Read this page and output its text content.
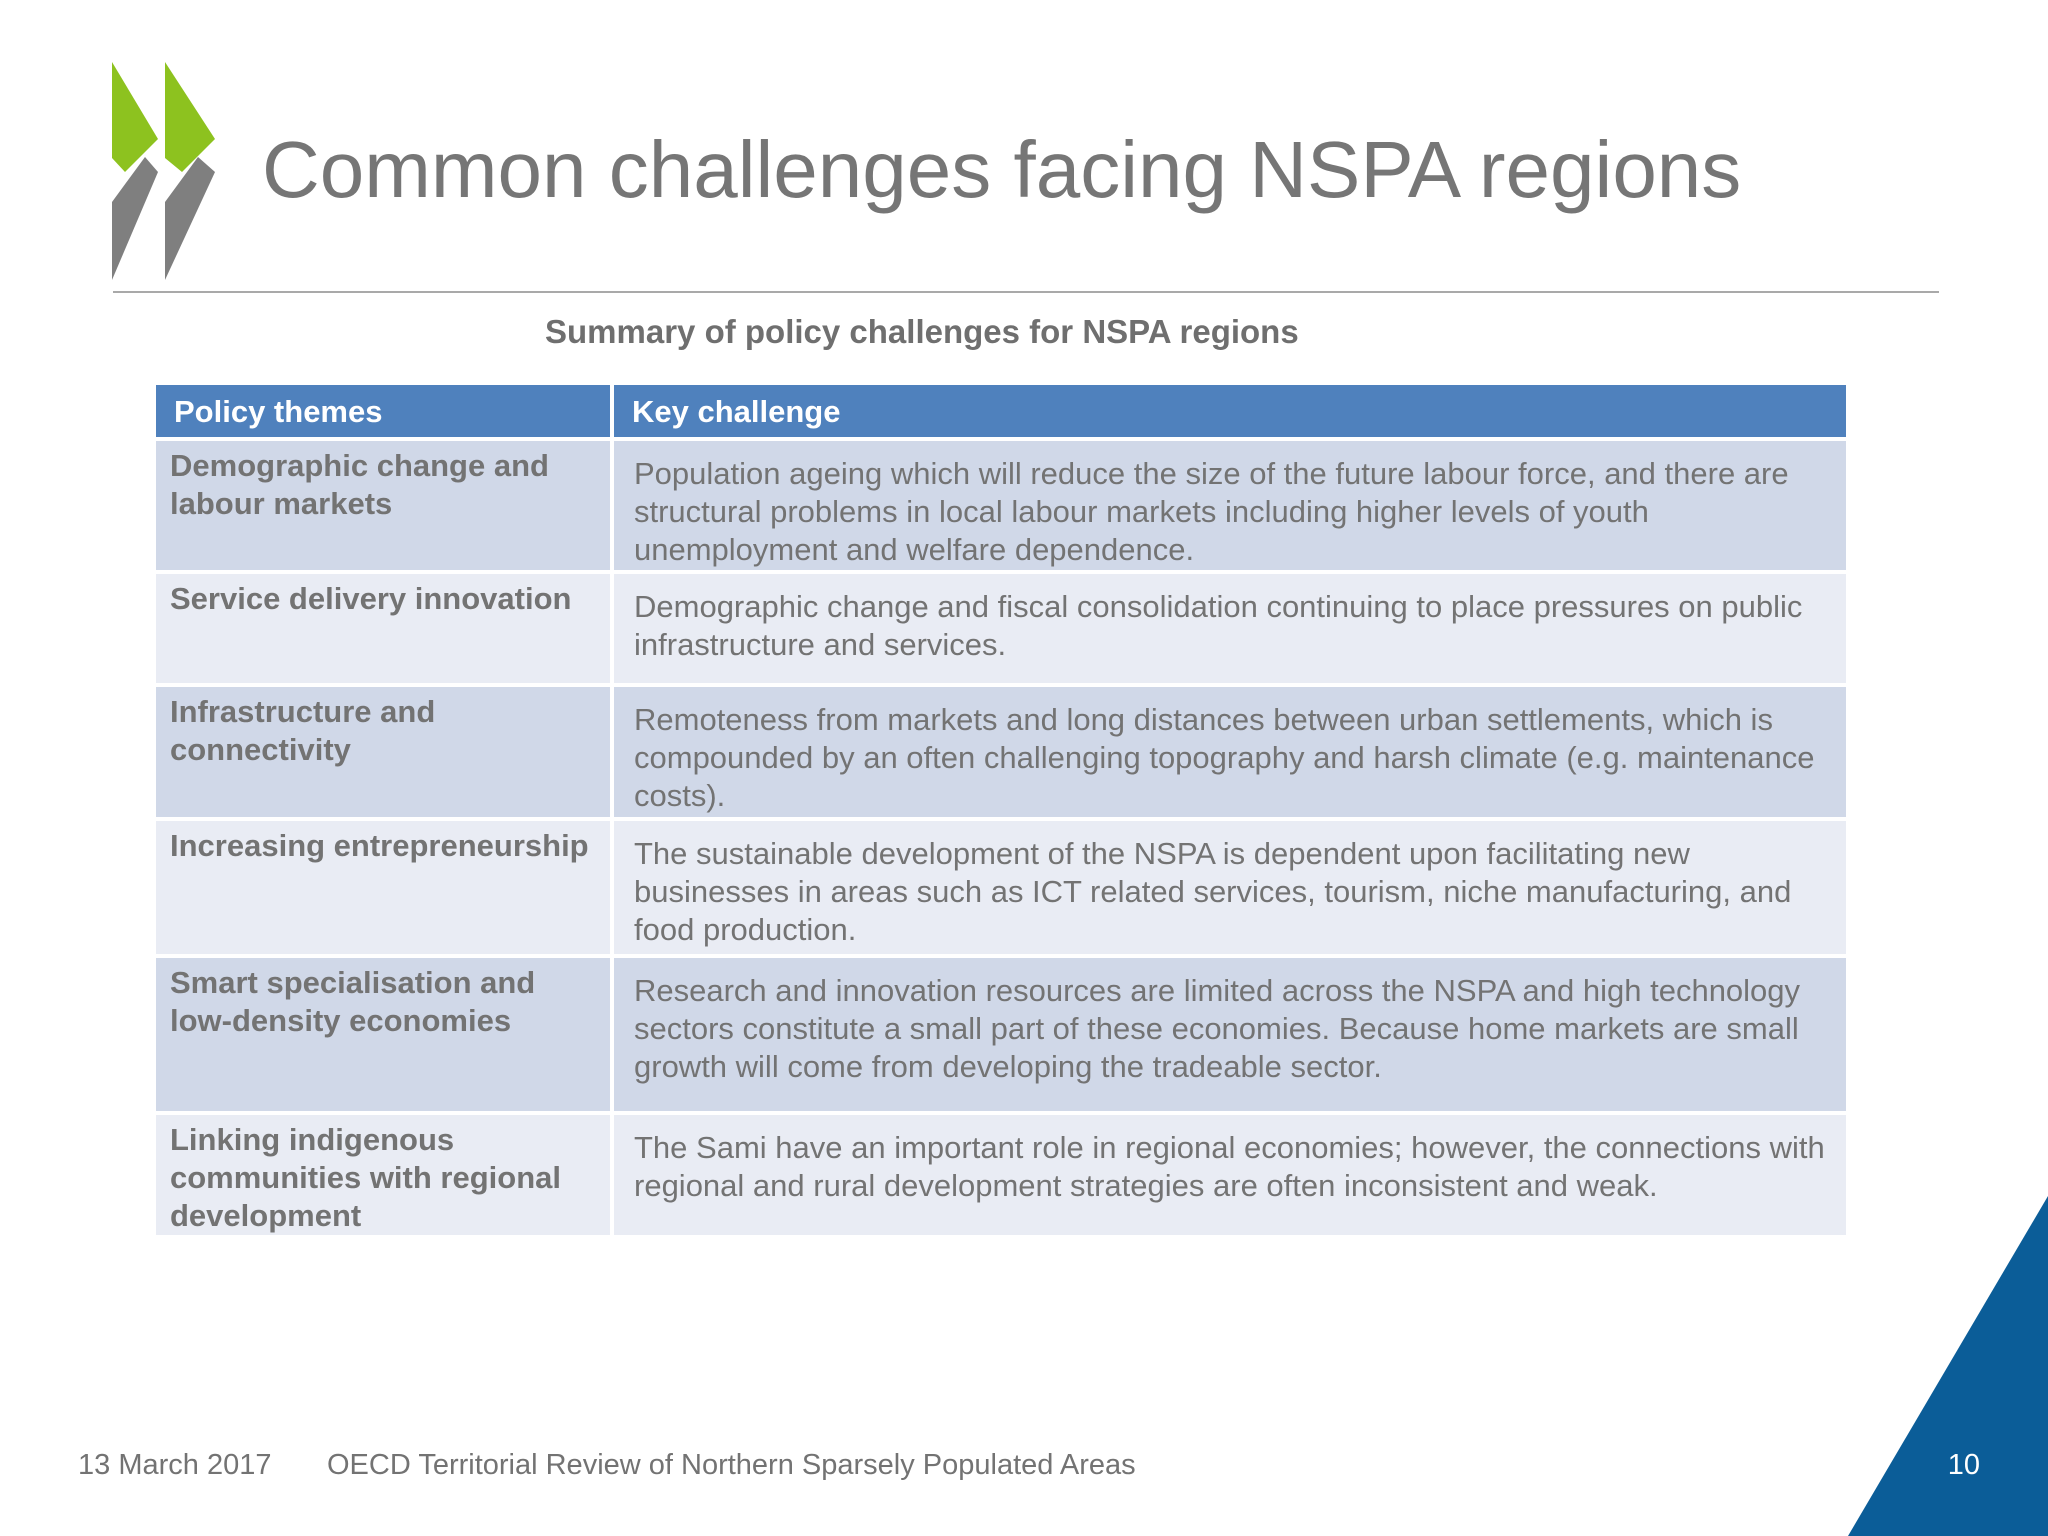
Common challenges facing NSPA regions
Summary of policy challenges for NSPA regions
Policy themes	Key challenge
Demographic change and labour markets	Population ageing which will reduce the size of the future labour force, and there are structural problems in local labour markets including higher levels of youth unemployment and welfare dependence.
Service delivery innovation	Demographic change and fiscal consolidation continuing to place pressures on public infrastructure and services.
Infrastructure and connectivity	Remoteness from markets and long distances between urban settlements, which is compounded by an often challenging topography and harsh climate (e.g. maintenance costs).
Increasing entrepreneurship	The sustainable development of the NSPA is dependent upon facilitating new businesses in areas such as ICT related services, tourism, niche manufacturing, and food production.
Smart specialisation and low-density economies	Research and innovation resources are limited across the NSPA and high technology sectors constitute a small part of these economies. Because home markets are small growth will come from developing the tradeable sector.
Linking indigenous communities with regional development	The Sami have an important role in regional economies; however, the connections with regional and rural development strategies are often inconsistent and weak.
13 March 2017 OECD Territorial Review of Northern Sparsely Populated Areas	10
